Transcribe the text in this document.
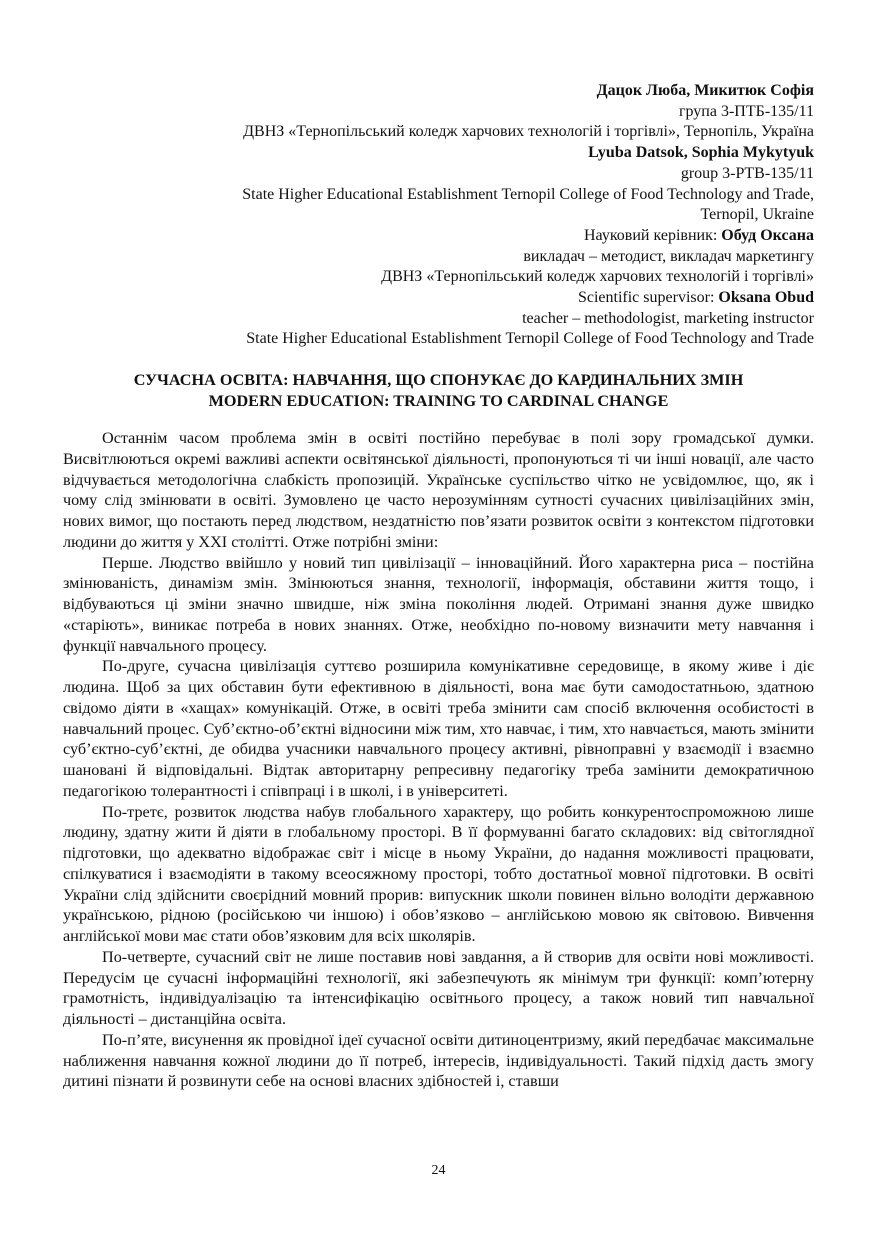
Дацок Люба, Микитюк Софія
група 3-ПТБ-135/11
ДВНЗ «Тернопільський коледж харчових технологій і торгівлі», Тернопіль, Україна
Lyuba Datsok, Sophia Mykytyuk
group 3-PTB-135/11
State Higher Educational Establishment Ternopil College of Food Technology and Trade,
Ternopil, Ukraine
Науковий керівник: Обуд Оксана
викладач – методист, викладач маркетингу
ДВНЗ «Тернопільський коледж харчових технологій і торгівлі»
Scientific supervisor: Oksana Obud
teacher – methodologist, marketing instructor
State Higher Educational Establishment Ternopil College of Food Technology and Trade
СУЧАСНА ОСВІТА: НАВЧАННЯ, ЩО СПОНУКАЄ ДО КАРДИНАЛЬНИХ ЗМІН
MODERN EDUCATION: TRAINING TO CARDINAL CHANGE

Останнім часом проблема змін в освіті постійно перебуває в полі зору громадської думки. Висвітлюються окремі важливі аспекти освітянської діяльності, пропонуються ті чи інші новації, але часто відчувається методологічна слабкість пропозицій. Українське суспільство чітко не усвідомлює, що, як і чому слід змінювати в освіті. Зумовлено це часто нерозумінням сутності сучасних цивілізаційних змін, нових вимог, що постають перед людством, нездатністю пов’язати розвиток освіти з контекстом підготовки людини до життя у ХХІ столітті. Отже потрібні зміни:

Перше. Людство ввійшло у новий тип цивілізації – інноваційний. Його характерна риса – постійна змінюваність, динамізм змін. Змінюються знання, технології, інформація, обставини життя тощо, і відбуваються ці зміни значно швидше, ніж зміна покоління людей. Отримані знання дуже швидко «старіють», виникає потреба в нових знаннях. Отже, необхідно по-новому визначити мету навчання і функції навчального процесу.

По-друге, сучасна цивілізація суттєво розширила комунікативне середовище, в якому живе і діє людина. Щоб за цих обставин бути ефективною в діяльності, вона має бути самодостатньою, здатною свідомо діяти в «хащах» комунікацій. Отже, в освіті треба змінити сам спосіб включення особистості в навчальний процес. Суб’єктно-об’єктні відносини між тим, хто навчає, і тим, хто навчається, мають змінити суб’єктно-суб’єктні, де обидва учасники навчального процесу активні, рівноправні у взаємодії і взаємно шановані й відповідальні. Відтак авторитарну репресивну педагогіку треба замінити демократичною педагогікою толерантності і співпраці і в школі, і в університеті.

По-третє, розвиток людства набув глобального характеру, що робить конкурентоспроможною лише людину, здатну жити й діяти в глобальному просторі. В її формуванні багато складових: від світоглядної підготовки, що адекватно відображає світ і місце в ньому України, до надання можливості працювати, спілкуватися і взаємодіяти в такому всеосяжному просторі, тобто достатньої мовної підготовки. В освіті України слід здійснити своєрідний мовний прорив: випускник школи повинен вільно володіти державною українською, рідною (російською чи іншою) і обов’язково – англійською мовою як світовою. Вивчення англійської мови має стати обов’язковим для всіх школярів.

По-четверте, сучасний світ не лише поставив нові завдання, а й створив для освіти нові можливості. Передусім це сучасні інформаційні технології, які забезпечують як мінімум три функції: комп’ютерну грамотність, індивідуалізацію та інтенсифікацію освітнього процесу, а також новий тип навчальної діяльності – дистанційна освіта.

По-п’яте, висунення як провідної ідеї сучасної освіти дитиноцентризму, який передбачає максимальне наближення навчання кожної людини до її потреб, інтересів, індивідуальності. Такий підхід дасть змогу дитині пізнати й розвинути себе на основі власних здібностей і, ставши

24
